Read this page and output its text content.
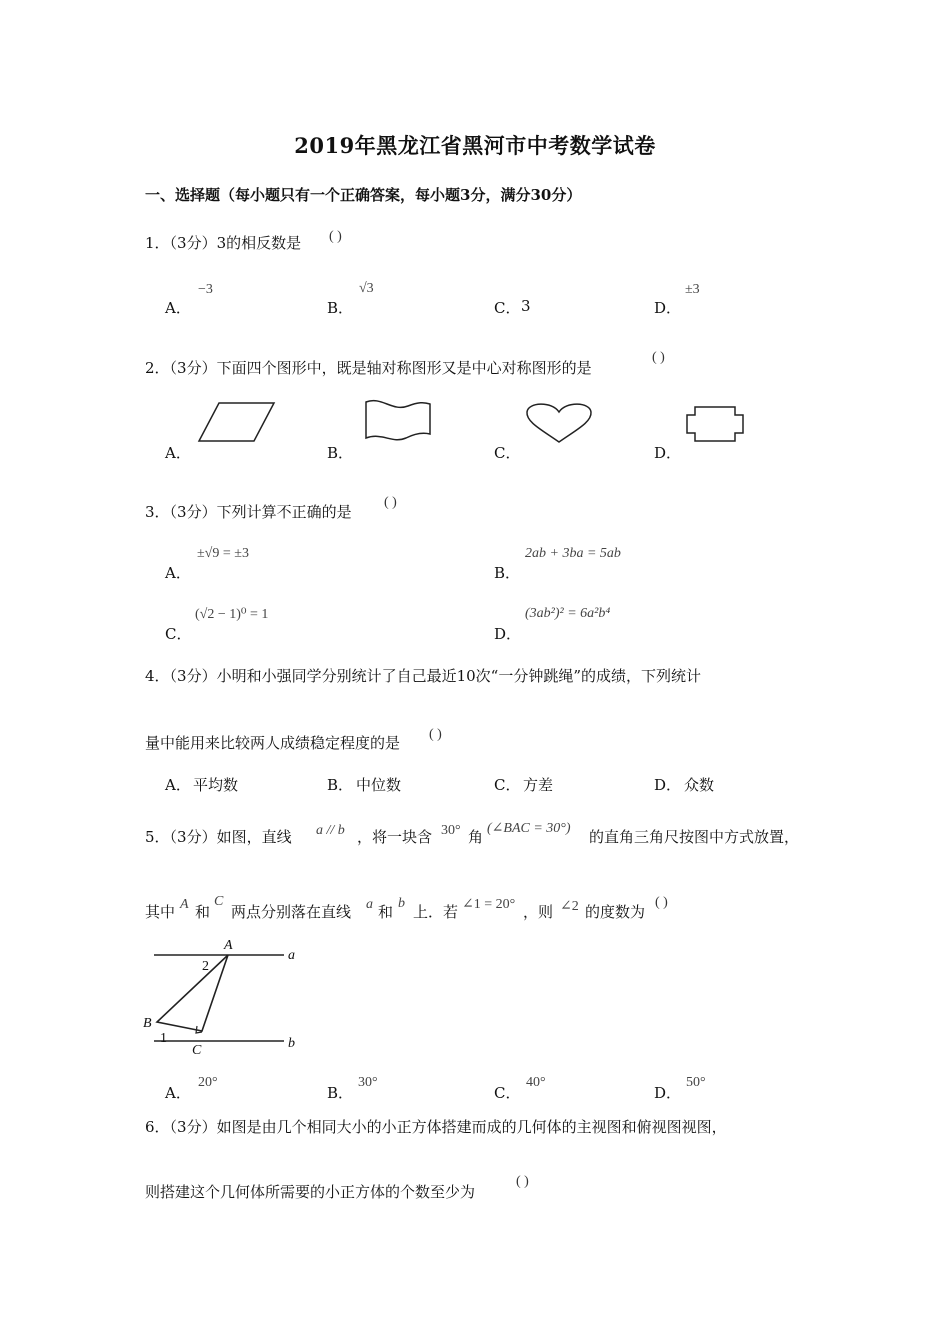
2019年黑龙江省黑河市中考数学试卷
一、选择题（每小题只有一个正确答案，每小题3分，满分30分）
1．（3分）3的相反数是 ( )
A．
−3
B．
√3
C． 3	D．
±3
2．（3分）下面四个图形中，既是轴对称图形又是中心对称图形的是
( )
A．	B．	C．	D．
3．（3分）下列计算不正确的是
( )
A．
±√9 = ±3
B．
2ab + 3ba = 5ab
C．
(√2 − 1)⁰ = 1
D．
(3ab²)² = 6a²b⁴
4．（3分）小明和小强同学分别统计了自己最近10次“一分钟跳绳”的成绩，下列统计
量中能用来比较两人成绩稳定程度的是 ( )
A． 平均数	B． 中位数	C． 方差	D． 众数
5．（3分）如图，直线 a // b ，将一块含 30° 角 (∠BAC = 30°) 的直角三角尺按图中方式放置，
其中 A 和
C
两点分别落在直线 a 和 b 上．若 ∠1 = 20° ，则 ∠2 的度数为
( )
A
a
2
B
1
C	b
A．
20°
B．
30°
C．
40°
D．
50°
6．（3分）如图是由几个相同大小的小正方体搭建而成的几何体的主视图和俯视图视图，
则搭建这个几何体所需要的小正方体的个数至少为
( )
